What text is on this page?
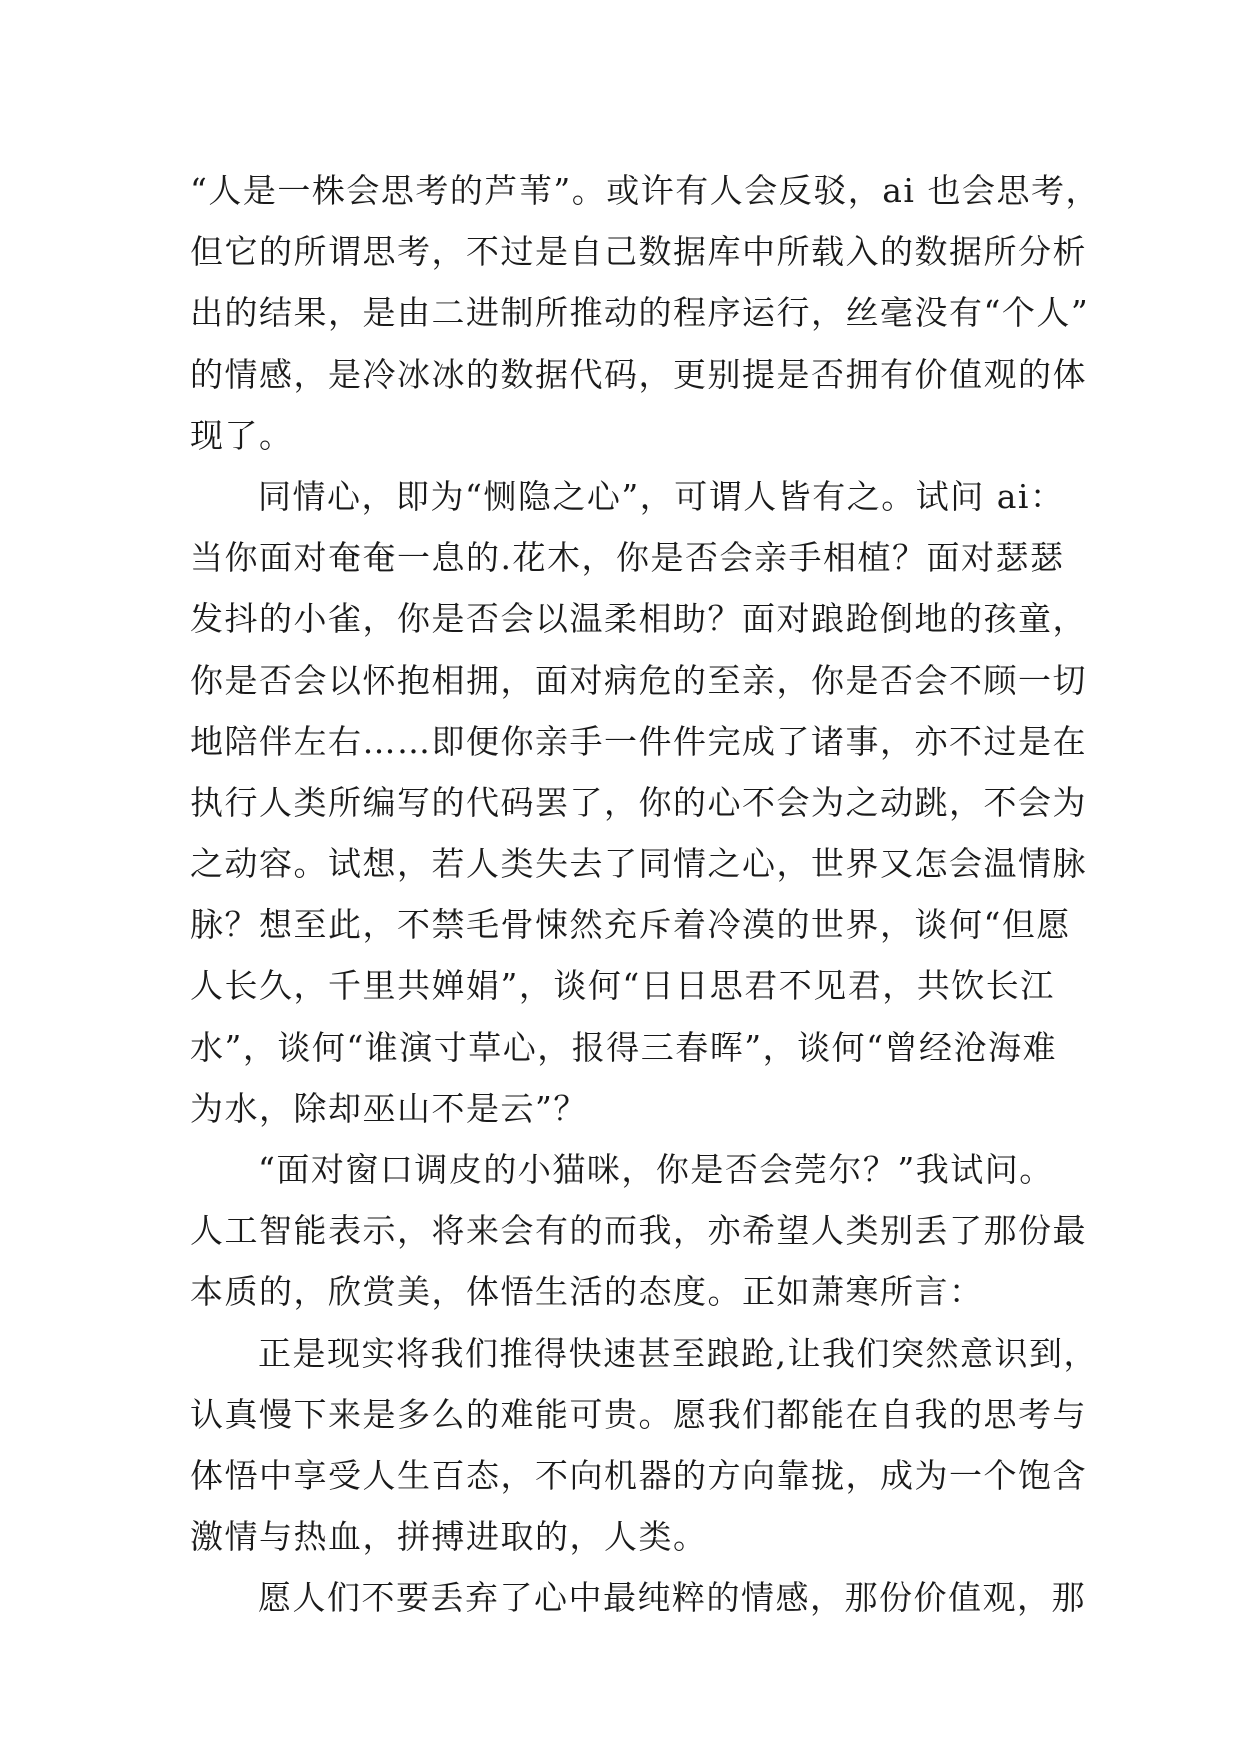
“人是一株会思考的芦苇”。或许有人会反驳，ai 也会思考，
但它的所谓思考，不过是自己数据库中所载入的数据所分析
出的结果，是由二进制所推动的程序运行，丝毫没有“个人”
的情感，是冷冰冰的数据代码，更别提是否拥有价值观的体
现了。
同情心，即为“恻隐之心”，可谓人皆有之。试问 ai：
当你面对奄奄一息的.花木，你是否会亲手相植？面对瑟瑟
发抖的小雀，你是否会以温柔相助？面对踉跄倒地的孩童，
你是否会以怀抱相拥，面对病危的至亲，你是否会不顾一切
地陪伴左右……即便你亲手一件件完成了诸事，亦不过是在
执行人类所编写的代码罢了，你的心不会为之动跳，不会为
之动容。试想，若人类失去了同情之心，世界又怎会温情脉
脉？想至此，不禁毛骨悚然充斥着冷漠的世界，谈何“但愿
人长久，千里共婵娟”，谈何“日日思君不见君，共饮长江
水”，谈何“谁演寸草心，报得三春晖”，谈何“曾经沧海难
为水，除却巫山不是云”？
“面对窗口调皮的小猫咪，你是否会莞尔？”我试问。
人工智能表示，将来会有的而我，亦希望人类别丢了那份最
本质的，欣赏美，体悟生活的态度。正如萧寒所言：
正是现实将我们推得快速甚至踉跄,让我们突然意识到，
认真慢下来是多么的难能可贵。愿我们都能在自我的思考与
体悟中享受人生百态，不向机器的方向靠拢，成为一个饱含
激情与热血，拼搏进取的，人类。
愿人们不要丢弃了心中最纯粹的情感，那份价值观，那
